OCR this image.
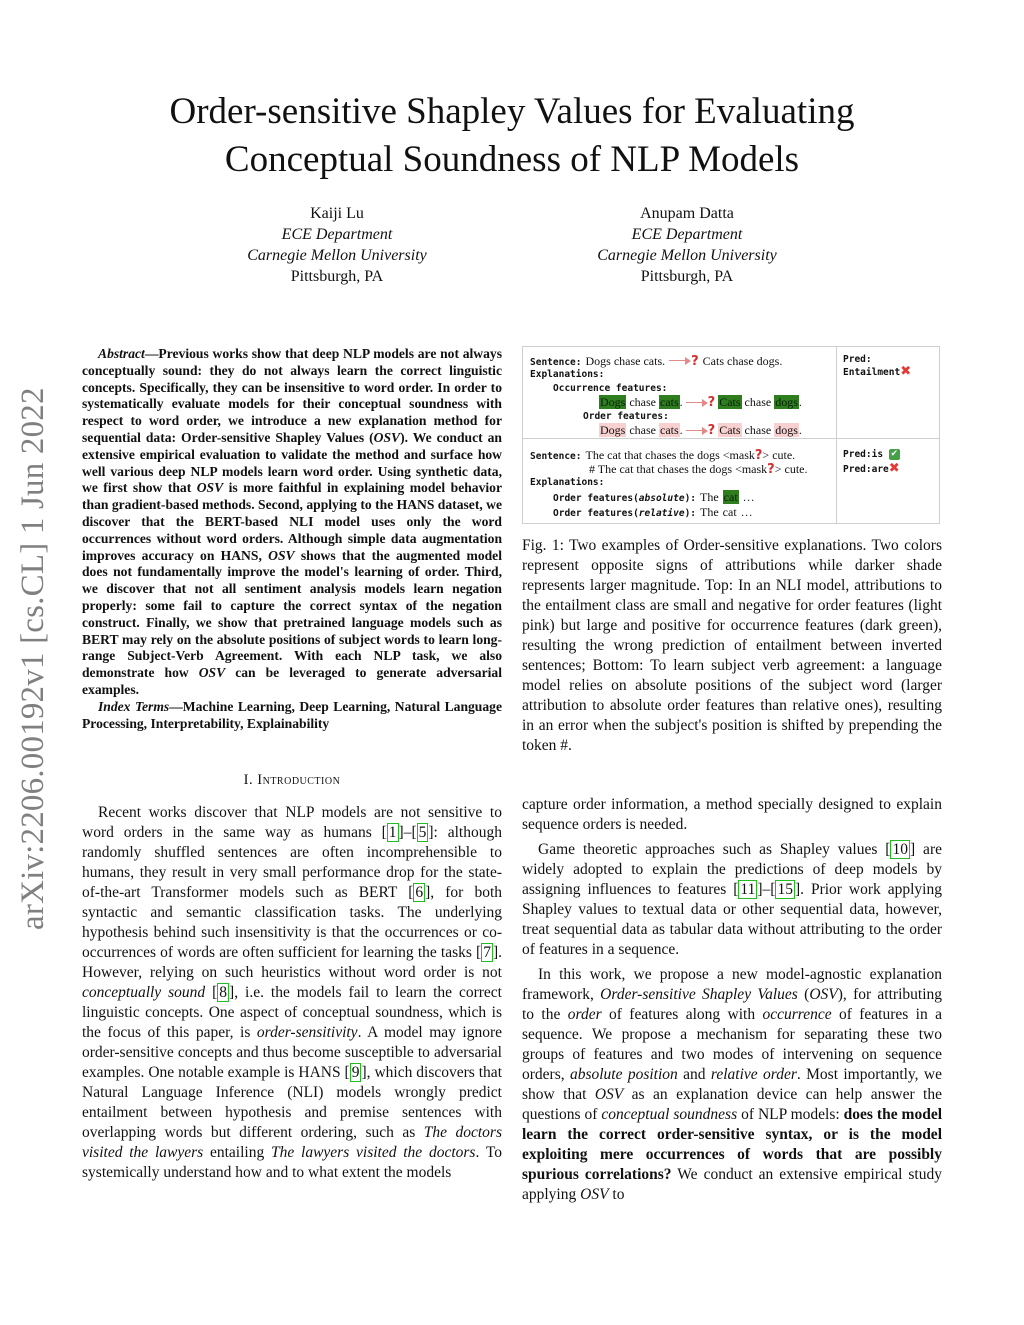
Order-sensitive Shapley Values for Evaluating
Conceptual Soundness of NLP Models
Kaiji Lu
ECE Department
Carnegie Mellon University
Pittsburgh, PA
Anupam Datta
ECE Department
Carnegie Mellon University
Pittsburgh, PA
arXiv:2206.00192v1 [cs.CL] 1 Jun 2022

Abstract—Previous works show that deep NLP models are not always conceptually sound: they do not always learn the correct linguistic concepts. Specifically, they can be insensitive to word order. In order to systematically evaluate models for their conceptual soundness with respect to word order, we introduce a new explanation method for sequential data: Order-sensitive Shapley Values (OSV). We conduct an extensive empirical evaluation to validate the method and surface how well various deep NLP models learn word order. Using synthetic data, we first show that OSV is more faithful in explaining model behavior than gradient-based methods. Second, applying to the HANS dataset, we discover that the BERT-based NLI model uses only the word occurrences without word orders. Although simple data augmentation improves accuracy on HANS, OSV shows that the augmented model does not fundamentally improve the model's learning of order. Third, we discover that not all sentiment analysis models learn negation properly: some fail to capture the correct syntax of the negation construct. Finally, we show that pretrained language models such as BERT may rely on the absolute positions of subject words to learn long-range Subject-Verb Agreement. With each NLP task, we also demonstrate how OSV can be leveraged to generate adversarial examples.

Index Terms—Machine Learning, Deep Learning, Natural Language Processing, Interpretability, Explainability

I. Introduction

Recent works discover that NLP models are not sensitive to word orders in the same way as humans [ 1 ]–[ 5 ]: although randomly shuffled sentences are often incomprehensible to humans, they result in very small performance drop for the state-of-the-art Transformer models such as BERT [ 6 ], for both syntactic and semantic classification tasks. The underlying hypothesis behind such insensitivity is that the occurrences or co-occurrences of words are often sufficient for learning the tasks [ 7 ]. However, relying on such heuristics without word order is not conceptually sound [ 8 ], i.e. the models fail to learn the correct linguistic concepts. One aspect of conceptual soundness, which is the focus of this paper, is order-sensitivity. A model may ignore order-sensitive concepts and thus become susceptible to adversarial examples. One notable example is HANS [ 9 ], which discovers that Natural Language Inference (NLI) models wrongly predict entailment between hypothesis and premise sentences with overlapping words but different ordering, such as The doctors visited the lawyers entailing The lawyers visited the doctors. To systemically understand how and to what extent the models

Sentence: Dogs chase cats. ? Cats chase dogs.
Explanations:
Occurrence features:
Dogs chase cats. ? Cats chase dogs.
Order features:
Dogs chase cats. ? Cats chase dogs.
Pred:
Entailment✖
Sentence: The cat that chases the dogs <mask?> cute.
# The cat that chases the dogs <mask?> cute.
Explanations:
Order features(absolute): The cat …
Order features(relative): The cat …
Pred:is ✔
Pred:are✖
Fig. 1: Two examples of Order-sensitive explanations. Two colors represent opposite signs of attributions while darker shade represents larger magnitude. Top: In an NLI model, attributions to the entailment class are small and negative for order features (light pink) but large and positive for occurrence features (dark green), resulting the wrong prediction of entailment between inverted sentences; Bottom: To learn subject verb agreement: a language model relies on absolute positions of the subject word (larger attribution to absolute order features than relative ones), resulting in an error when the subject's position is shifted by prepending the token #.

capture order information, a method specially designed to explain sequence orders is needed.

Game theoretic approaches such as Shapley values [ 10 ] are widely adopted to explain the predictions of deep models by assigning influences to features [ 11 ]–[ 15 ]. Prior work applying Shapley values to textual data or other sequential data, however, treat sequential data as tabular data without attributing to the order of features in a sequence.

In this work, we propose a new model-agnostic explanation framework, Order-sensitive Shapley Values (OSV), for attributing to the order of features along with occurrence of features in a sequence. We propose a mechanism for separating these two groups of features and two modes of intervening on sequence orders, absolute position and relative order. Most importantly, we show that OSV as an explanation device can help answer the questions of conceptual soundness of NLP models: does the model learn the correct order-sensitive syntax, or is the model exploiting mere occurrences of words that are possibly spurious correlations? We conduct an extensive empirical study applying OSV to
